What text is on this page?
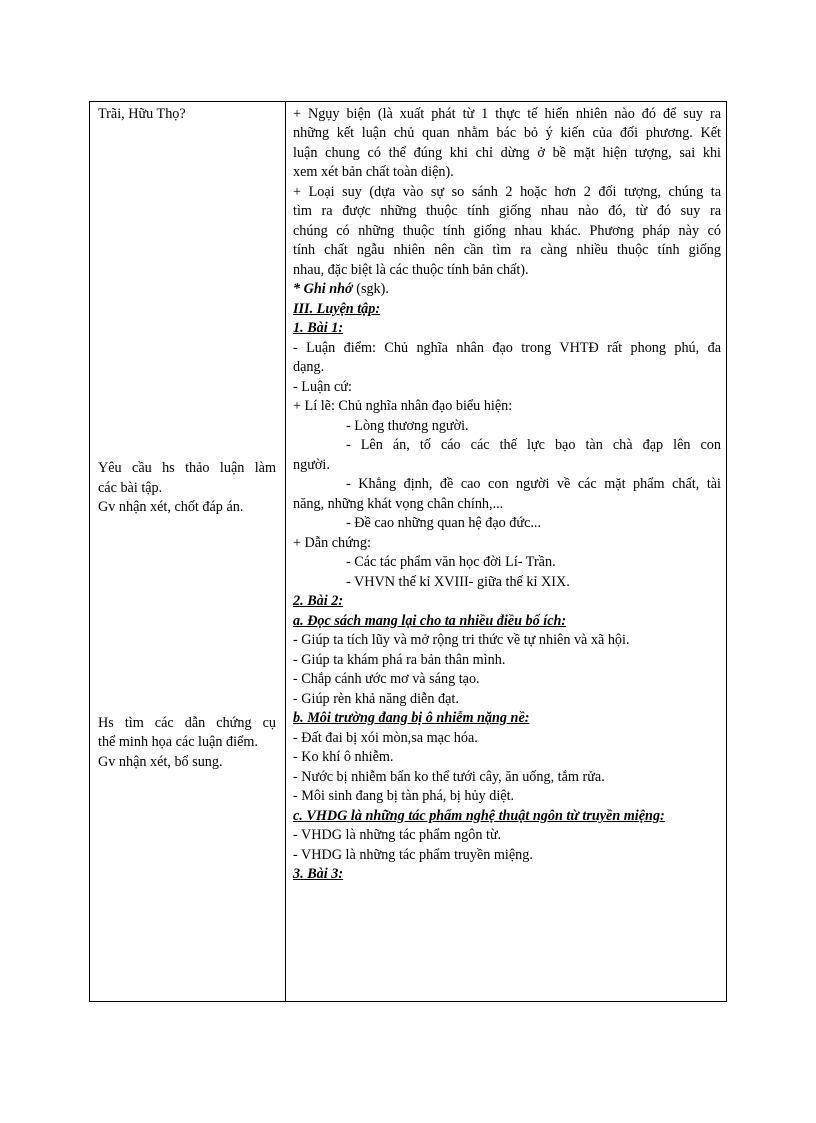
Trãi, Hữu Thọ?
Yêu cầu hs thảo luận làm
các bài tập.
Gv nhận xét, chốt đáp án.
Hs tìm các dẫn chứng cụ
thể minh họa các luận điểm.
Gv nhận xét, bổ sung.
+ Ngụy biện (là xuất phát từ 1 thực tế hiển nhiên nào đó để suy ra
những kết luận chủ quan nhằm bác bỏ ý kiến của đối phương. Kết
luận chung có thể đúng khi chỉ dừng ở bề mặt hiện tượng, sai khi
xem xét bản chất toàn diện).
+ Loại suy (dựa vào sự so sánh 2 hoặc hơn 2 đối tượng, chúng ta
tìm ra được những thuộc tính giống nhau nào đó, từ đó suy ra
chúng có những thuộc tính giống nhau khác. Phương pháp này có
tính chất ngẫu nhiên nên cần tìm ra càng nhiều thuộc tính giống
nhau, đặc biệt là các thuộc tính bản chất).
* Ghi nhớ (sgk).
III. Luyện tập:
1. Bài 1:
- Luận điểm: Chủ nghĩa nhân đạo trong VHTĐ rất phong phú, đa
dạng.
- Luận cứ:
+ Lí lẽ: Chủ nghĩa nhân đạo biểu hiện:
- Lòng thương người.
- Lên án, tố cáo các thế lực bạo tàn chà đạp lên con
người.
- Khẳng định, đề cao con người về các mặt phẩm chất, tài
năng, những khát vọng chân chính,...
- Đề cao những quan hệ đạo đức...
+ Dẫn chứng:
- Các tác phẩm văn học đời Lí- Trần.
- VHVN thế kỉ XVIII- giữa thế kỉ XIX.
2. Bài 2:
a. Đọc sách mang lại cho ta nhiều điều bổ ích:
- Giúp ta tích lũy và mở rộng tri thức về tự nhiên và xã hội.
- Giúp ta khám phá ra bản thân mình.
- Chắp cánh ước mơ và sáng tạo.
- Giúp rèn khả năng diễn đạt.
b. Môi trường đang bị ô nhiễm nặng nề:
- Đất đai bị xói mòn,sa mạc hóa.
- Ko khí ô nhiễm.
- Nước bị nhiễm bẩn ko thể tưới cây, ăn uống, tắm rửa.
- Môi sinh đang bị tàn phá, bị hủy diệt.
c. VHDG là những tác phẩm nghệ thuật ngôn từ truyền miệng:
- VHDG là những tác phẩm ngôn từ.
- VHDG là những tác phẩm truyền miệng.
3. Bài 3:
